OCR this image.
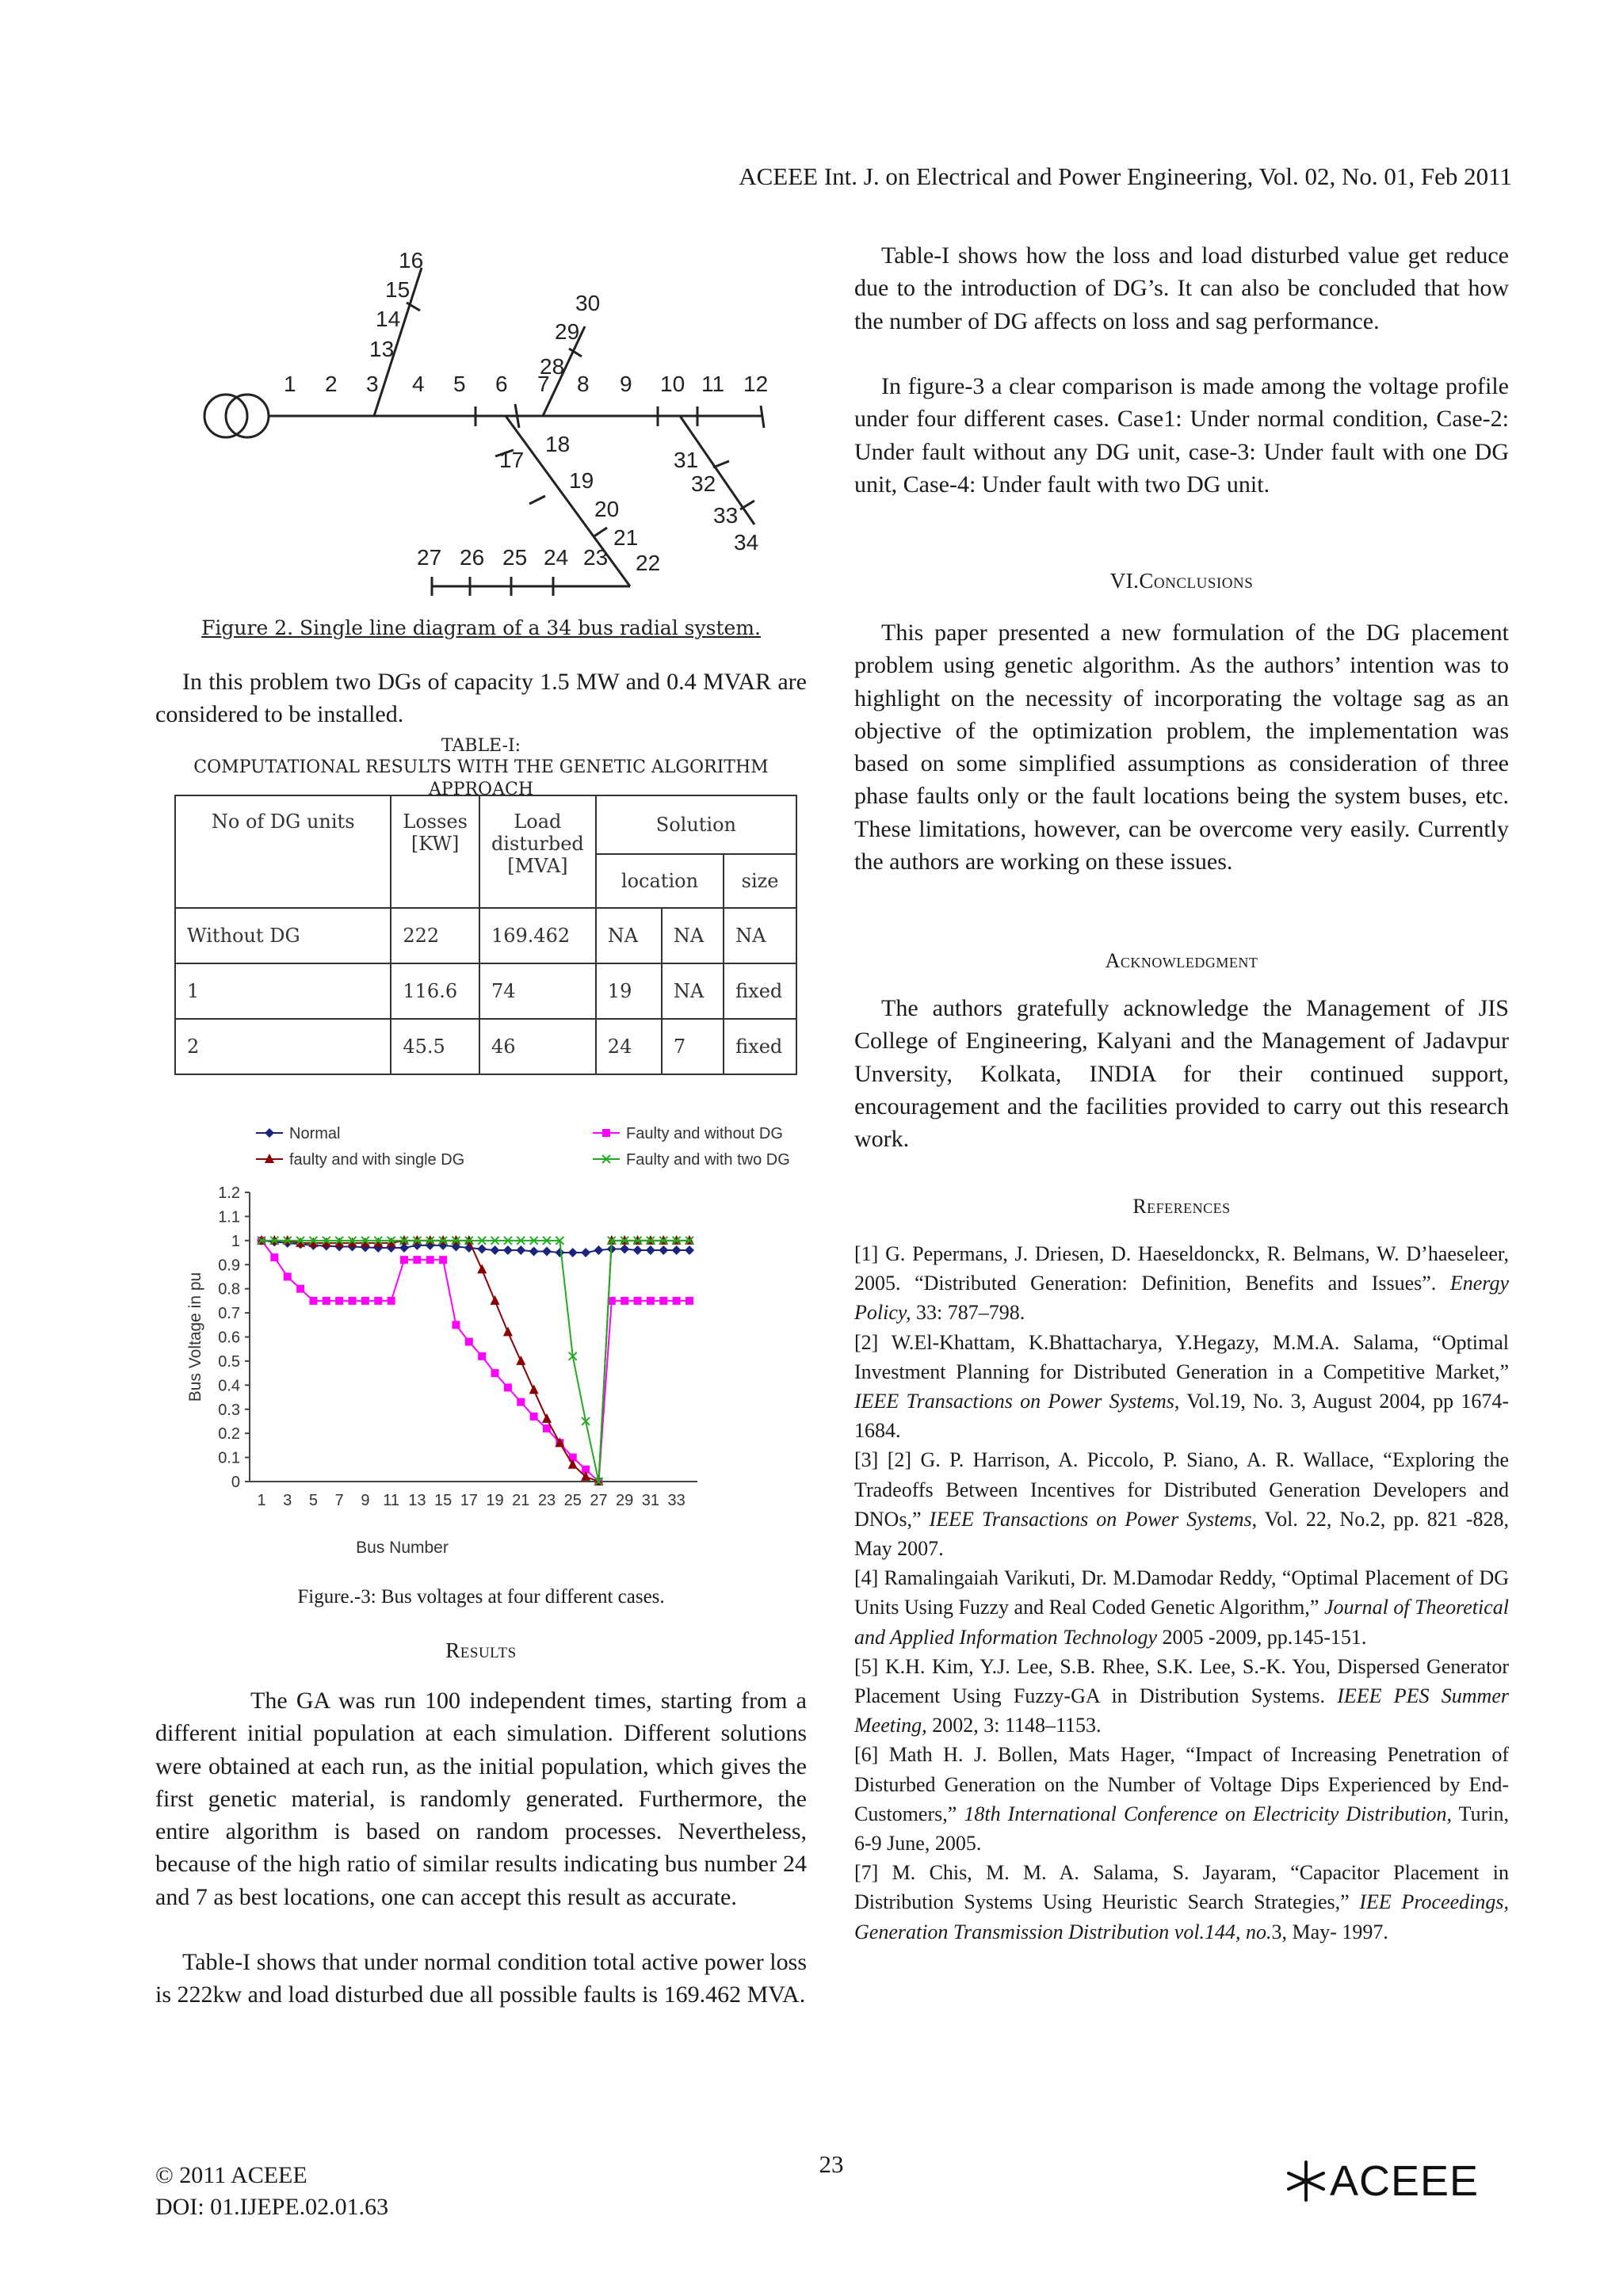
ACEEE Int. J. on Electrical and Power Engineering, Vol. 02, No. 01, Feb 2011
1 2 3 4 5 6 7 8 9 10 11 12
13
14
15
16
17
18
19
20
21
22
23
24
25
26
27
28
29
30
31
32
33
34
Figure 2. Single line diagram of a 34 bus radial system.

In this problem two DGs of capacity 1.5 MW and 0.4 MVAR are considered to be installed.

TABLE-I:
COMPUTATIONAL RESULTS WITH THE GENETIC ALGORITHM APPROACH
No of DG units	Losses [KW]	Load disturbed [MVA]	Solution		
			location		size
Without DG	222	169.462	NA	NA	NA
1	116.6	74	19	NA	fixed
2	45.5	46	24	7	fixed
0
0.1
0.2
0.3
0.4
0.5
0.6
0.7
0.8
0.9
1
1.1
1.2
1 3 5 7 9 11 13 15 17 19 21 23 25 27 29 31 33
Bus Voltage in pu
Bus Number
Normal	Faulty and without DG
faulty and with single DG	Faulty and with two DG
Figure.-3: Bus voltages at four different cases.
Results

The GA was run 100 independent times, starting from a different initial population at each simulation. Different solutions were obtained at each run, as the initial population, which gives the first genetic material, is randomly generated. Furthermore, the entire algorithm is based on random processes. Nevertheless, because of the high ratio of similar results indicating bus number 24 and 7 as best locations, one can accept this result as accurate.

Table-I shows that under normal condition total active power loss is 222kw and load disturbed due all possible faults is 169.462 MVA.

Table-I shows how the loss and load disturbed value get reduce due to the introduction of DG’s. It can also be concluded that how the number of DG affects on loss and sag performance.

In figure-3 a clear comparison is made among the voltage profile under four different cases. Case1: Under normal condition, Case-2: Under fault without any DG unit, case-3: Under fault with one DG unit, Case-4: Under fault with two DG unit.

VI.Conclusions

This paper presented a new formulation of the DG placement problem using genetic algorithm. As the authors’ intention was to highlight on the necessity of incorporating the voltage sag as an objective of the optimization problem, the implementation was based on some simplified assumptions as consideration of three phase faults only or the fault locations being the system buses, etc. These limitations, however, can be overcome very easily. Currently the authors are working on these issues.

Acknowledgment

The authors gratefully acknowledge the Management of JIS College of Engineering, Kalyani and the Management of Jadavpur Unversity, Kolkata, INDIA for their continued support, encouragement and the facilities provided to carry out this research work.

References

[1] G. Pepermans, J. Driesen, D. Haeseldonckx, R. Belmans, W. D’haeseleer, 2005. “Distributed Generation: Definition, Benefits and Issues”. Energy Policy, 33: 787–798.

[2] W.El-Khattam, K.Bhattacharya, Y.Hegazy, M.M.A. Salama, “Optimal Investment Planning for Distributed Generation in a Competitive Market,” IEEE Transactions on Power Systems, Vol.19, No. 3, August 2004, pp 1674-1684.

[3] [2] G. P. Harrison, A. Piccolo, P. Siano, A. R. Wallace, “Exploring the Tradeoffs Between Incentives for Distributed Generation Developers and DNOs,” IEEE Transactions on Power Systems, Vol. 22, No.2, pp. 821 -828, May 2007.

[4] Ramalingaiah Varikuti, Dr. M.Damodar Reddy, “Optimal Placement of DG Units Using Fuzzy and Real Coded Genetic Algorithm,” Journal of Theoretical and Applied Information Technology 2005 -2009, pp.145-151.

[5] K.H. Kim, Y.J. Lee, S.B. Rhee, S.K. Lee, S.-K. You, Dispersed Generator Placement Using Fuzzy-GA in Distribution Systems. IEEE PES Summer Meeting, 2002, 3: 1148–1153.

[6] Math H. J. Bollen, Mats Hager, “Impact of Increasing Penetration of Disturbed Generation on the Number of Voltage Dips Experienced by End-Customers,” 18th International Conference on Electricity Distribution, Turin, 6-9 June, 2005.

[7] M. Chis, M. M. A. Salama, S. Jayaram, “Capacitor Placement in Distribution Systems Using Heuristic Search Strategies,” IEE Proceedings, Generation Transmission Distribution vol.144, no.3, May- 1997.

23
© 2011 ACEEE
DOI: 01.IJEPE.02.01.63
ACEEE
